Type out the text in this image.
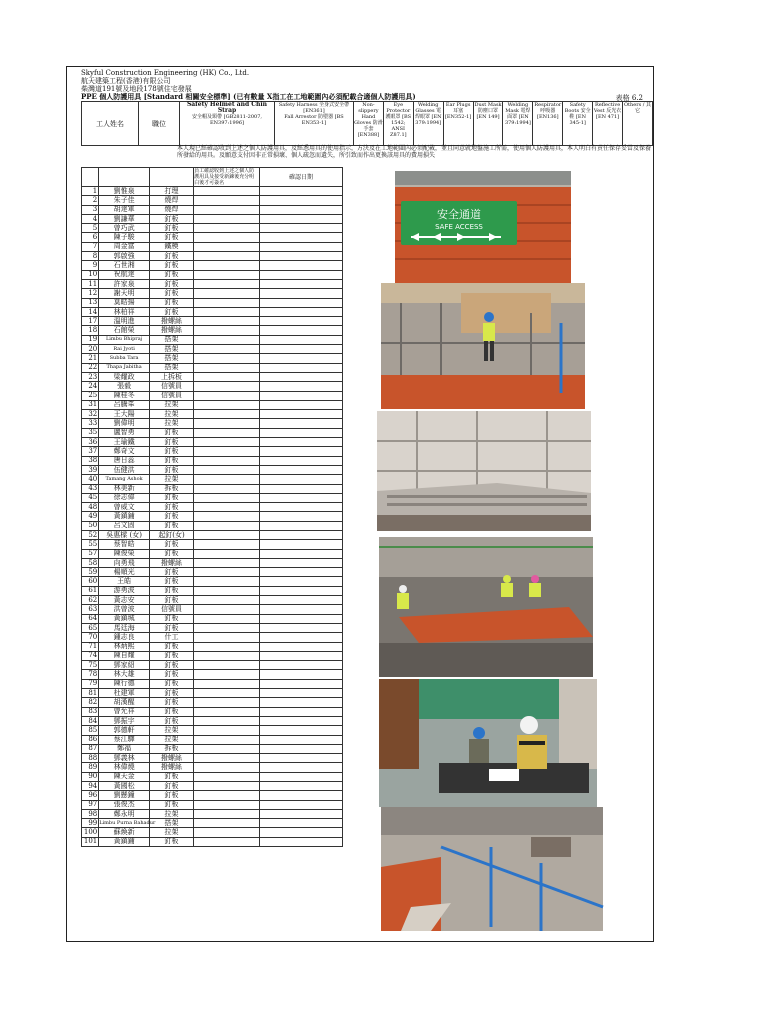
Skyful Construction Engineering (HK) Co., Ltd.
航天建築工程(香港)有限公司
柴灣道191號及地段178號住宅發展
PPE 個人防護用具 [Standard 相關安全標準] (已有數量 X指工在工地範圍內必須配載合適個人防護用具)	表格 6.2
工人姓名	職位	
Safety Helmet and Chin Strap
安全帽及頸帶 [GB2811-2007, EN397:1996]

Safety Harness 全身式安全帶 [EN361]
Fall Arrestor 防墮器 [BS EN353-1]
	Non-slippery Hand Gloves 防滑手套 [EN388]	Eye Protector 護眼罩 [BS 1542; ANSI Z87.1]	Welding Glasses 電焊眼罩 [EN 379:1994]	Ear Plugs 耳塞 [EN352-1]	Dust Mask 防塵口罩 [EN 149]	Welding Mask 電焊面罩 [EN 379:1994]	Respirator 呼吸器 [EN136]	Safety Boots 安全鞋 [EN 345-1]	Reflective Vest 反光衣 [EN 471]	Others / 其它
本人現已經確認收到上述之個人防護用具，及經悉用具的使用指示，方決及在工地範圍內必須配載，並且同意就地盤施工所需，使用個人防護用具，本人明白有責任保存妥當及保養所發給的用具。及願意支付因非正常損壞、個人疏忽而遺失，所引致而作出更換該用具的費用損失
			員工確認收到上述之個人防護用具及接受新鍊後充分明白後才可簽名	確認日期
1	劉惟泉	打理		
2	朱子佳	燒焊		
3	胡達軍	燒焊		
4	劉謙華	釘板		
5	曾巧武	釘板		
6	陳子駿	釘板		
7	周金富	鐵模		
8	郭啟強	釘板		
9	石世湘	釘板		
10	祝航達	釘板		
11	許家泉	釘板		
12	謝天明	釘板		
13	莫皓揚	釘板		
14	林柏祥	釘板		
17	溫明進	撥螺絲		
18	石館榮	撥螺絲		
19	Limbu Bhipraj	搭架		
20	Rai Jyoti	搭架		
21	Subba Tara	搭架		
22	Thapa Jabitha	搭架		
23	梁耀政	上拆板		
24	張毅	信號員		
25	陳桂冬	信號員		
31	呂騰峯	拉架		
32	王大陽	拉架		
33	劉偉明	拉架		
35	盧智勇	釘板		
36	王瑜鐵	釘板		
37	鄭奇文	釘板		
38	唐日蕊	釘板		
39	伍健洪	釘板		
40	Tamang Ashok	拉架		
43	林美新	拆板		
45	徐志偉	釘板		
48	曾威文	釘板		
49	黃鎮鋪	釘板		
50	呂文固	釘板		
52	吳惠樑 (女)	起釘(女)		
55	蔡智皓	釘板		
57	陳俊榮	釘板		
58	向勇飛	撥螺絲		
59	楊順光	釘板		
60	王皓	釘板		
61	游勇波	釘板		
62	黃志安	釘板		
63	洪曾波	信號員		
64	黃鎮城	釘板		
65	馬廷海	釘板		
70	鍾志良	什工		
71	林炳熙	釘板		
74	陳自耀	釘板		
75	鄧家紹	釘板		
78	林大雄	釘板		
79	陳行德	釘板		
81	杜建軍	釘板		
82	胡漢醒	釘板		
83	曾允祥	釘板		
84	鄧振宇	釘板		
85	郭德軒	拉架		
86	蔡江驛	拉架		
87	鄭福	拆板		
88	鄧義林	撥螺絲		
89	林偉燒	撥螺絲		
90	陳天金	釘板		
94	黃國松	釘板		
96	劉懸鐘	釘板		
97	張俊杰	釘板		
98	鄭永明	拉架		
99	Limbu Purna Bahadur	搭架		
100	蘇煥新	拉架		
101	黃鎮鋪	釘板		
安全通道
SAFE ACCESS
